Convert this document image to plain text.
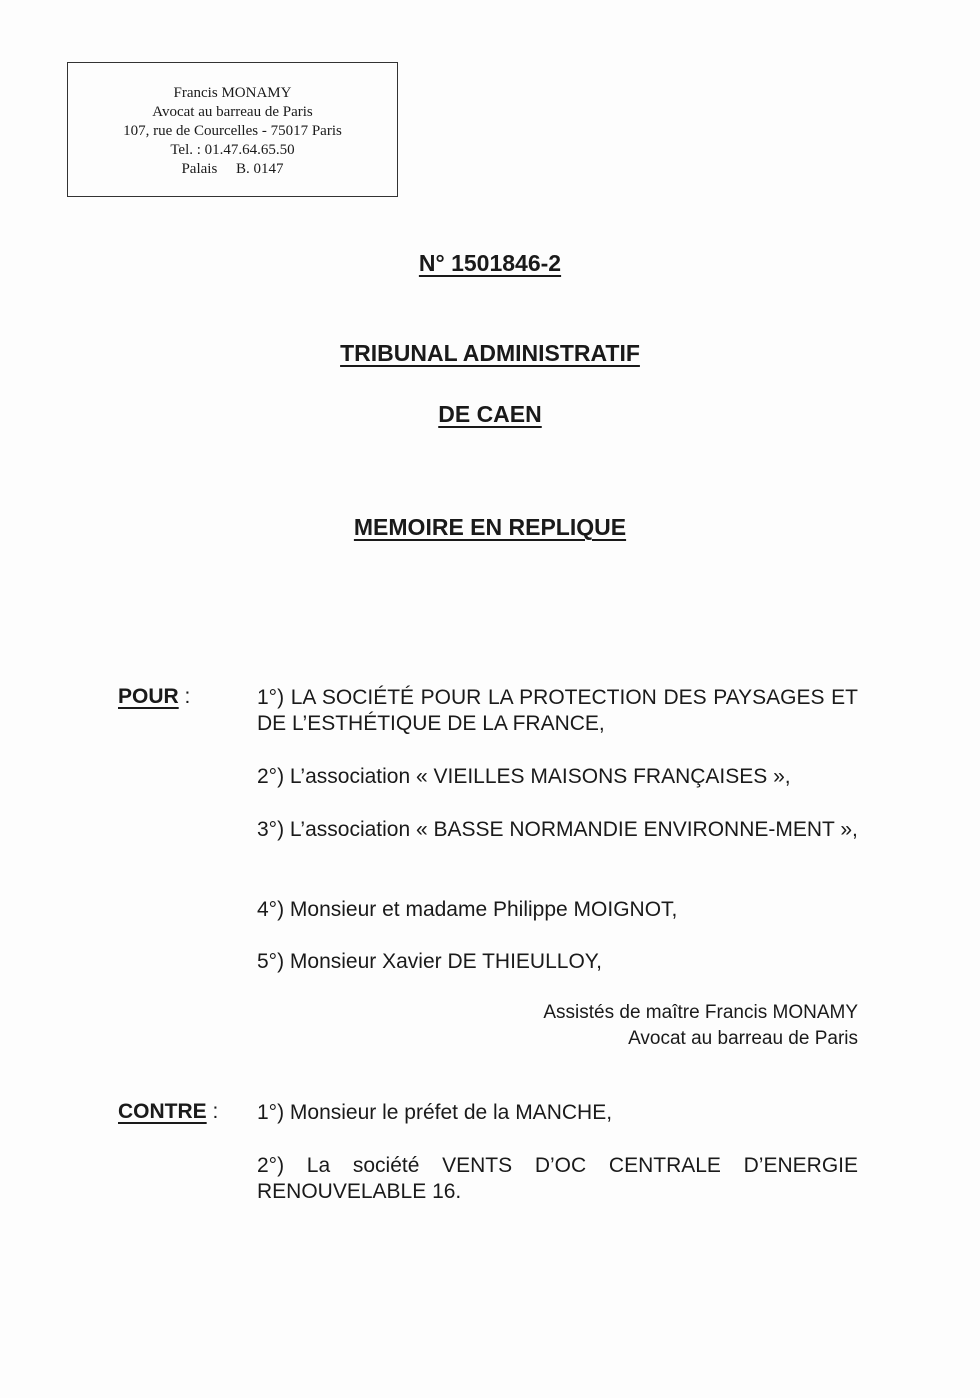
Francis MONAMY
Avocat au barreau de Paris
107, rue de Courcelles - 75017 Paris
Tel. : 01.47.64.65.50
Palais     B. 0147
N° 1501846-2
TRIBUNAL ADMINISTRATIF
DE CAEN
MEMOIRE EN REPLIQUE
POUR :	1°) LA SOCIÉTÉ POUR LA PROTECTION DES PAYSAGES ET DE L’ESTHÉTIQUE DE LA FRANCE,
2°) L’association « VIEILLES MAISONS FRANÇAISES »,
3°) L’association « BASSE NORMANDIE ENVIRONNE-MENT »,
4°) Monsieur et madame Philippe MOIGNOT,
5°) Monsieur Xavier DE THIEULLOY,
Assistés de maître Francis MONAMY
Avocat au barreau de Paris
CONTRE : 1°) Monsieur le préfet de la MANCHE,
2°) La société VENTS D’OC CENTRALE D’ENERGIE RENOUVELABLE 16.
